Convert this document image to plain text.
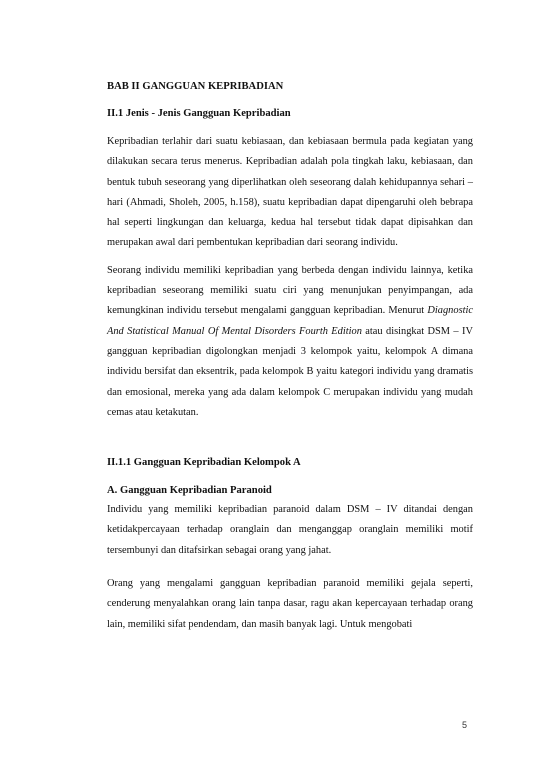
BAB II GANGGUAN KEPRIBADIAN
II.1 Jenis - Jenis Gangguan Kepribadian

Kepribadian terlahir dari suatu kebiasaan, dan kebiasaan bermula pada kegiatan yang dilakukan secara terus menerus. Kepribadian adalah pola tingkah laku, kebiasaan, dan bentuk tubuh seseorang yang diperlihatkan oleh seseorang dalah kehidupannya sehari – hari (Ahmadi, Sholeh, 2005, h.158), suatu kepribadian dapat dipengaruhi oleh bebrapa hal seperti lingkungan dan keluarga, kedua hal tersebut tidak dapat dipisahkan dan merupakan awal dari pembentukan kepribadian dari seorang individu.

Seorang individu memiliki kepribadian yang berbeda dengan individu lainnya, ketika kepribadian seseorang memiliki suatu ciri yang menunjukan penyimpangan, ada kemungkinan individu tersebut mengalami gangguan kepribadian. Menurut Diagnostic And Statistical Manual Of Mental Disorders Fourth Edition atau disingkat DSM – IV gangguan kepribadian digolongkan menjadi 3 kelompok yaitu, kelompok A dimana individu bersifat dan eksentrik, pada kelompok B yaitu kategori individu yang dramatis dan emosional, mereka yang ada dalam kelompok C merupakan individu yang mudah cemas atau ketakutan.

II.1.1 Gangguan Kepribadian Kelompok A
A. Gangguan Kepribadian Paranoid

Individu yang memiliki kepribadian paranoid dalam DSM – IV ditandai dengan ketidakpercayaan terhadap oranglain dan menganggap oranglain memiliki motif tersembunyi dan ditafsirkan sebagai orang yang jahat.

Orang yang mengalami gangguan kepribadian paranoid memiliki gejala seperti, cenderung menyalahkan orang lain tanpa dasar, ragu akan kepercayaan terhadap orang lain, memiliki sifat pendendam, dan masih banyak lagi. Untuk mengobati

5
